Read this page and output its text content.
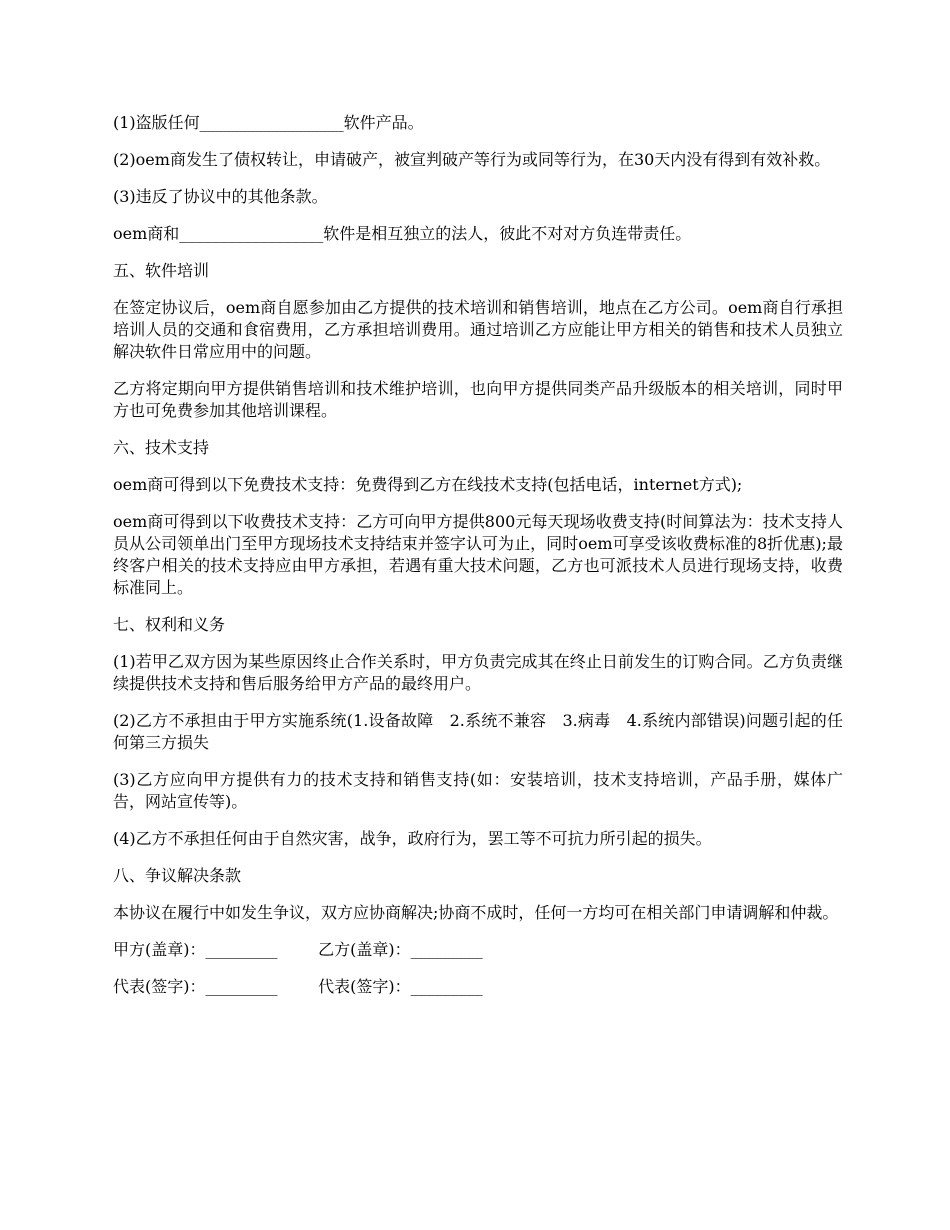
(1)盗版任何__________________软件产品。

(2)oem商发生了债权转让，申请破产，被宣判破产等行为或同等行为，在30天内没有得到有效补救。

(3)违反了协议中的其他条款。

oem商和__________________软件是相互独立的法人，彼此不对对方负连带责任。

五、软件培训

在签定协议后，oem商自愿参加由乙方提供的技术培训和销售培训，地点在乙方公司。oem商自行承担培训人员的交通和食宿费用，乙方承担培训费用。通过培训乙方应能让甲方相关的销售和技术人员独立解决软件日常应用中的问题。

乙方将定期向甲方提供销售培训和技术维护培训，也向甲方提供同类产品升级版本的相关培训，同时甲方也可免费参加其他培训课程。

六、技术支持

oem商可得到以下免费技术支持：免费得到乙方在线技术支持(包括电话，internet方式);

oem商可得到以下收费技术支持：乙方可向甲方提供800元每天现场收费支持(时间算法为：技术支持人员从公司领单出门至甲方现场技术支持结束并签字认可为止，同时oem可享受该收费标准的8折优惠);最终客户相关的技术支持应由甲方承担，若遇有重大技术问题，乙方也可派技术人员进行现场支持，收费标准同上。

七、权利和义务

(1)若甲乙双方因为某些原因终止合作关系时，甲方负责完成其在终止日前发生的订购合同。乙方负责继续提供技术支持和售后服务给甲方产品的最终用户。

(2)乙方不承担由于甲方实施系统(1.设备故障　2.系统不兼容　3.病毒　4.系统内部错误)问题引起的任何第三方损失

(3)乙方应向甲方提供有力的技术支持和销售支持(如：安装培训，技术支持培训，产品手册，媒体广告，网站宣传等)。

(4)乙方不承担任何由于自然灾害，战争，政府行为，罢工等不可抗力所引起的损失。

八、争议解决条款

本协议在履行中如发生争议，双方应协商解决;协商不成时，任何一方均可在相关部门申请调解和仲裁。

甲方(盖章)：_________        乙方(盖章)：_________

代表(签字)：_________        代表(签字)：_________
